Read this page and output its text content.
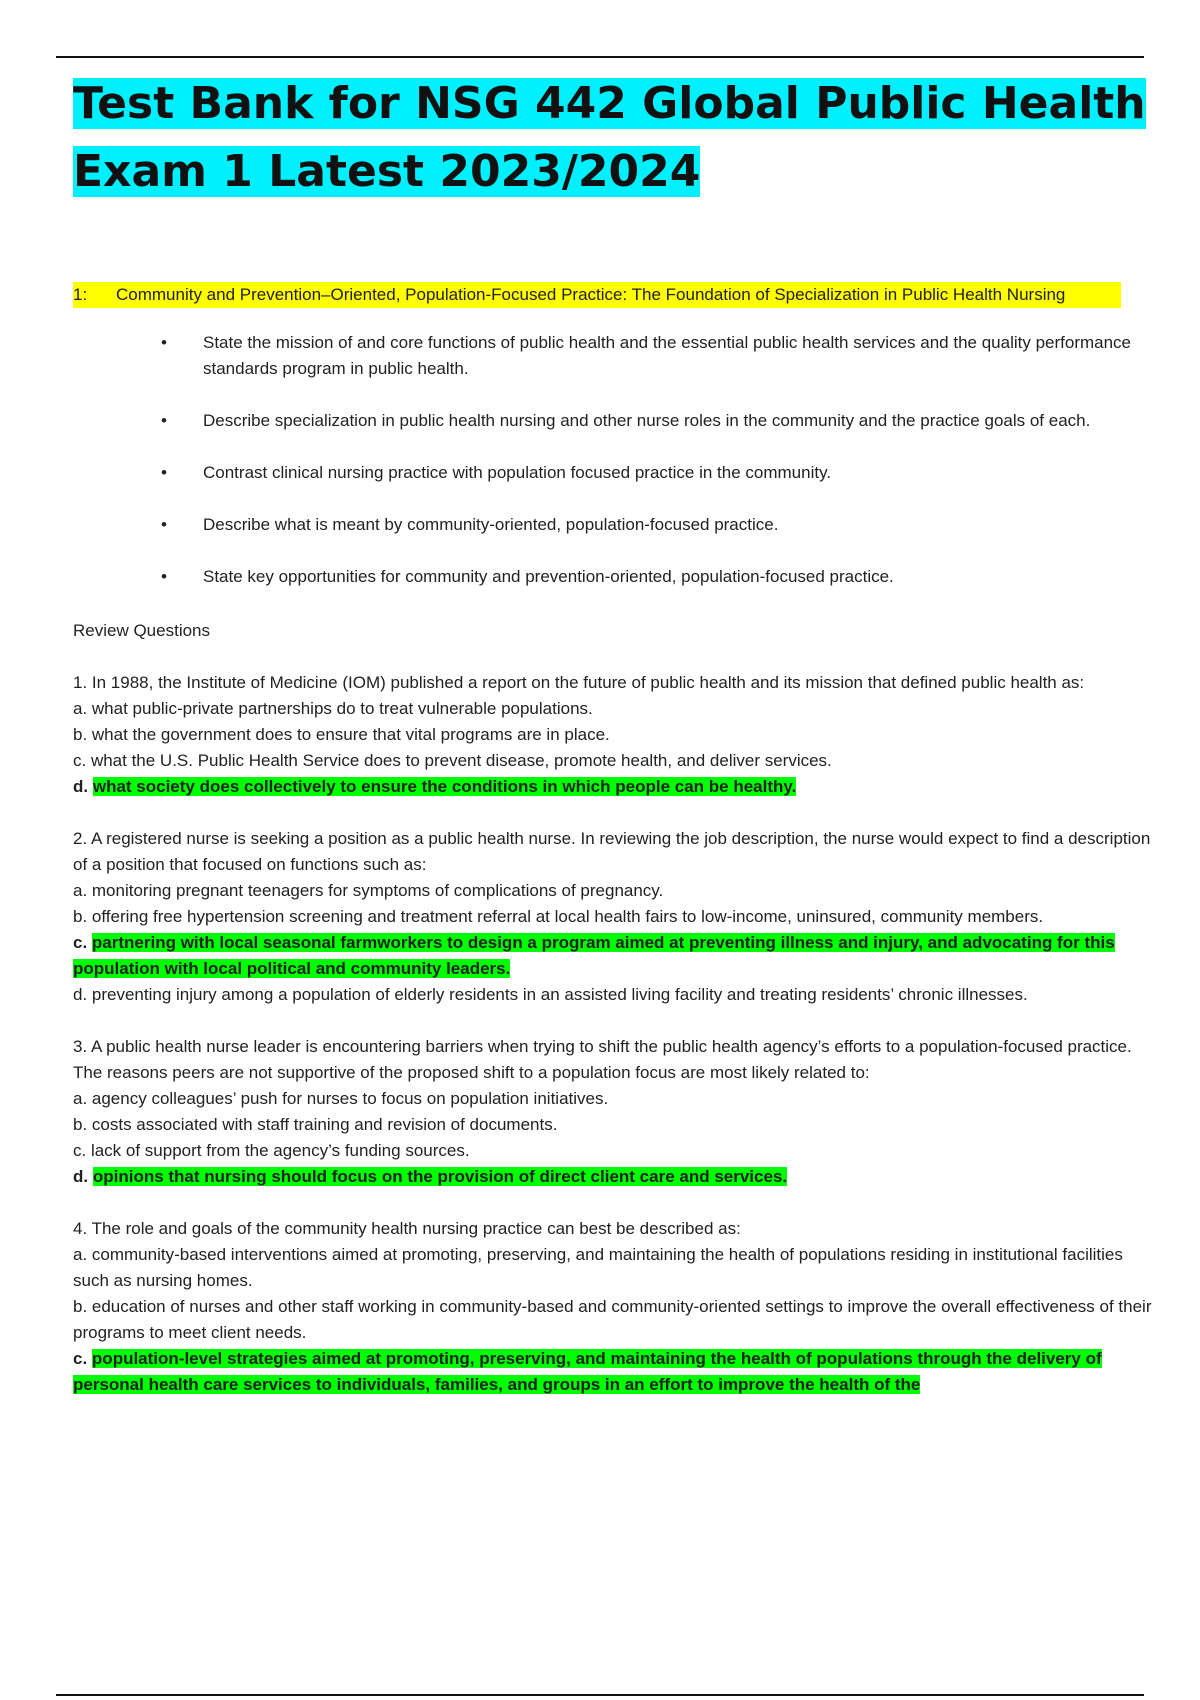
Test Bank for NSG 442 Global Public Health Exam 1 Latest 2023/2024
1:	Community and Prevention–Oriented, Population-Focused Practice: The Foundation of Specialization in Public Health Nursing
• State the mission of and core functions of public health and the essential public health services and the quality performance standards program in public health.
• Describe specialization in public health nursing and other nurse roles in the community and the practice goals of each.
• Contrast clinical nursing practice with population focused practice in the community.
• Describe what is meant by community-oriented, population-focused practice.
• State key opportunities for community and prevention-oriented, population-focused practice.
Review Questions

1. In 1988, the Institute of Medicine (IOM) published a report on the future of public health and its mission that defined public health as:

a. what public-private partnerships do to treat vulnerable populations.

b. what the government does to ensure that vital programs are in place.

c. what the U.S. Public Health Service does to prevent disease, promote health, and deliver services.

d. what society does collectively to ensure the conditions in which people can be healthy.

2. A registered nurse is seeking a position as a public health nurse. In reviewing the job description, the nurse would expect to find a description of a position that focused on functions such as:

a. monitoring pregnant teenagers for symptoms of complications of pregnancy.

b. offering free hypertension screening and treatment referral at local health fairs to low-income, uninsured, community members.

c. partnering with local seasonal farmworkers to design a program aimed at preventing illness and injury, and advocating for this population with local political and community leaders.

d. preventing injury among a population of elderly residents in an assisted living facility and treating residents’ chronic illnesses.

3. A public health nurse leader is encountering barriers when trying to shift the public health agency’s efforts to a population-focused practice. The reasons peers are not supportive of the proposed shift to a population focus are most likely related to:

a. agency colleagues’ push for nurses to focus on population initiatives.

b. costs associated with staff training and revision of documents.

c. lack of support from the agency’s funding sources.

d. opinions that nursing should focus on the provision of direct client care and services.

4. The role and goals of the community health nursing practice can best be described as:

a. community-based interventions aimed at promoting, preserving, and maintaining the health of populations residing in institutional facilities such as nursing homes.

b. education of nurses and other staff working in community-based and community-oriented settings to improve the overall effectiveness of their programs to meet client needs.

c. population-level strategies aimed at promoting, preserving, and maintaining the health of populations through the delivery of personal health care services to individuals, families, and groups in an effort to improve the health of the
